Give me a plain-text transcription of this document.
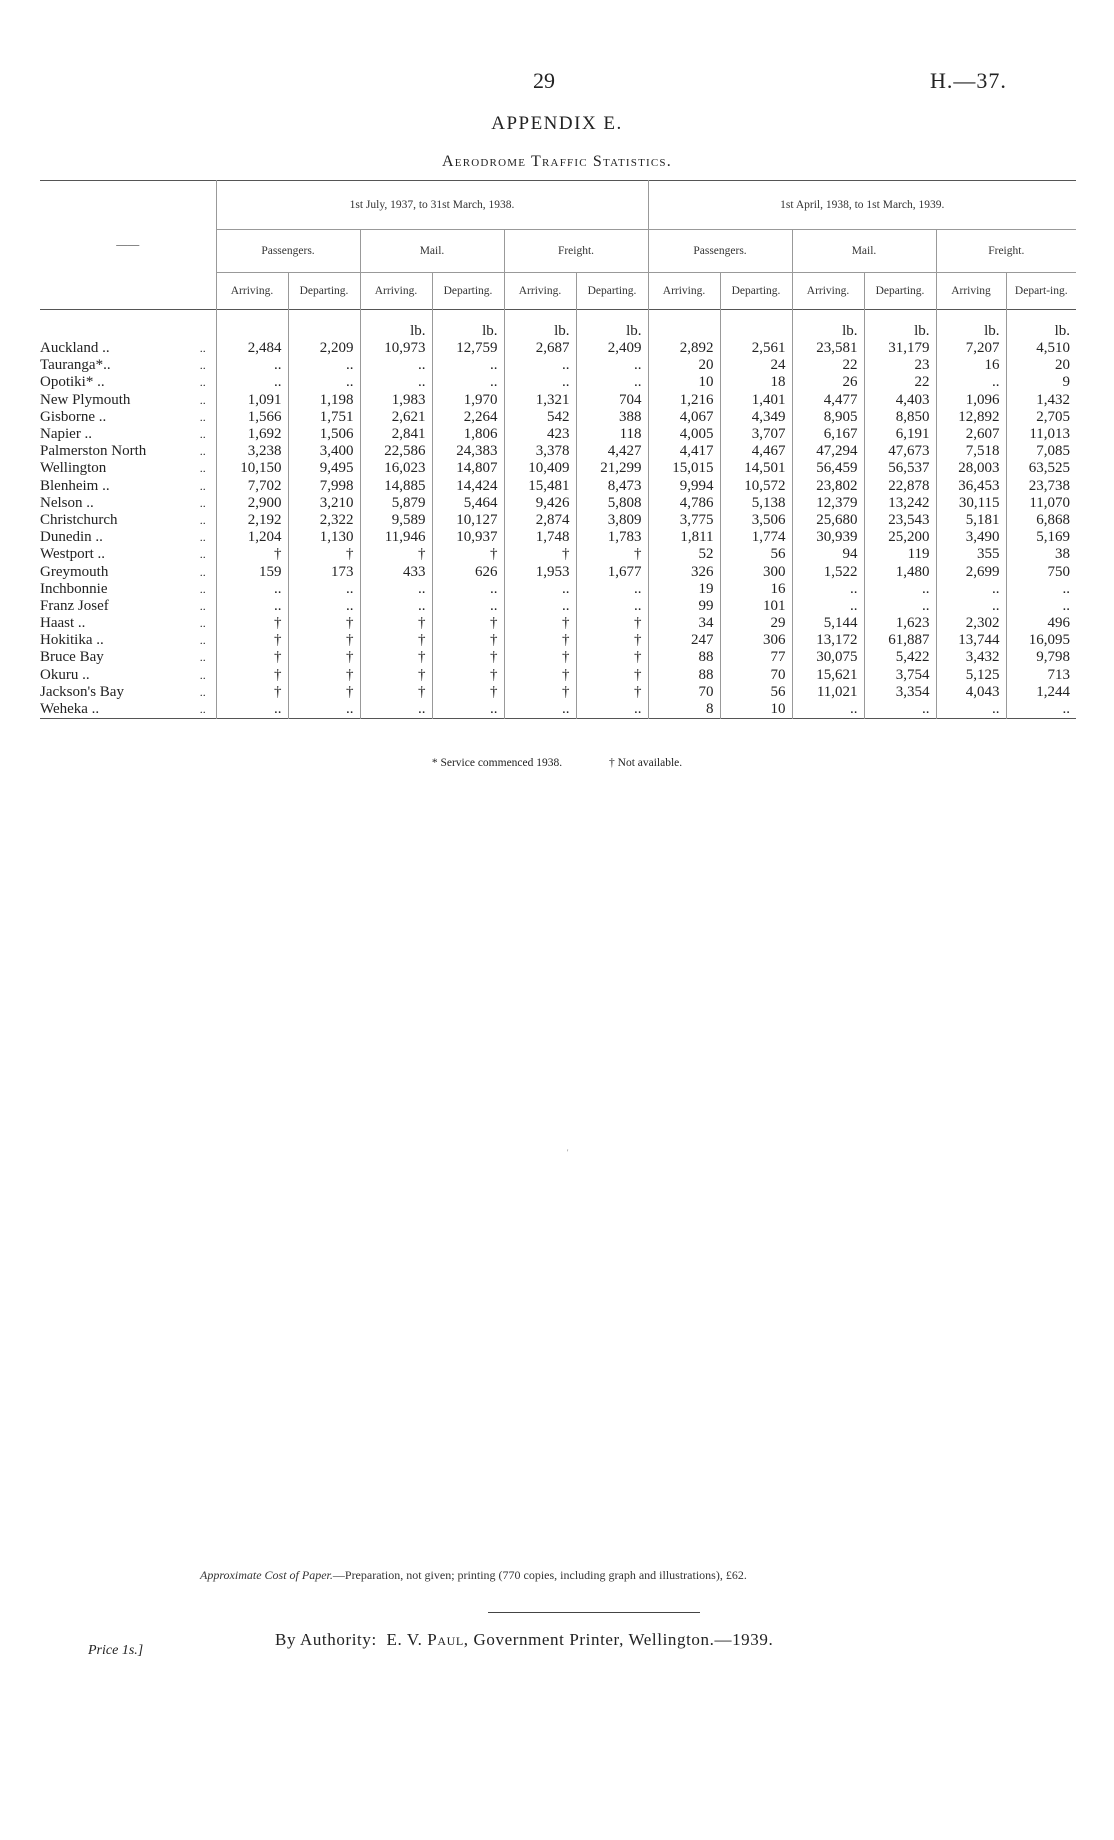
29	H.—37.
APPENDIX E.
Aerodrome Traffic Statistics.
——		1st July, 1937, to 31st March, 1938.						1st April, 1938, to 1st March, 1939.					
		Passengers.		Mail.		Freight.		Passengers.		Mail.		Freight.	
		Arriving.	Departing.	Arriving.	Departing.	Arriving.	Departing.	Arriving.	Departing.	Arriving.	Departing.	Arriving	Depart-ing.
				lb.	lb.	lb.	lb.			lb.	lb.	lb.	lb.
Auckland ..	..	2,484	2,209	10,973	12,759	2,687	2,409	2,892	2,561	23,581	31,179	7,207	4,510
Tauranga*..	..	..	..	..	..	..	..	20	24	22	23	16	20
Opotiki* ..	..	..	..	..	..	..	..	10	18	26	22	..	9
New Plymouth	..	1,091	1,198	1,983	1,970	1,321	704	1,216	1,401	4,477	4,403	1,096	1,432
Gisborne ..	..	1,566	1,751	2,621	2,264	542	388	4,067	4,349	8,905	8,850	12,892	2,705
Napier ..	..	1,692	1,506	2,841	1,806	423	118	4,005	3,707	6,167	6,191	2,607	11,013
Palmerston North	..	3,238	3,400	22,586	24,383	3,378	4,427	4,417	4,467	47,294	47,673	7,518	7,085
Wellington	..	10,150	9,495	16,023	14,807	10,409	21,299	15,015	14,501	56,459	56,537	28,003	63,525
Blenheim ..	..	7,702	7,998	14,885	14,424	15,481	8,473	9,994	10,572	23,802	22,878	36,453	23,738
Nelson ..	..	2,900	3,210	5,879	5,464	9,426	5,808	4,786	5,138	12,379	13,242	30,115	11,070
Christchurch	..	2,192	2,322	9,589	10,127	2,874	3,809	3,775	3,506	25,680	23,543	5,181	6,868
Dunedin ..	..	1,204	1,130	11,946	10,937	1,748	1,783	1,811	1,774	30,939	25,200	3,490	5,169
Westport ..	..	†	†	†	†	†	†	52	56	94	119	355	38
Greymouth	..	159	173	433	626	1,953	1,677	326	300	1,522	1,480	2,699	750
Inchbonnie	..	..	..	..	..	..	..	19	16	..	..	..	..
Franz Josef	..	..	..	..	..	..	..	99	101	..	..	..	..
Haast ..	..	†	†	†	†	†	†	34	29	5,144	1,623	2,302	496
Hokitika ..	..	†	†	†	†	†	†	247	306	13,172	61,887	13,744	16,095
Bruce Bay	..	†	†	†	†	†	†	88	77	30,075	5,422	3,432	9,798
Okuru ..	..	†	†	†	†	†	†	88	70	15,621	3,754	5,125	713
Jackson's Bay	..	†	†	†	†	†	†	70	56	11,021	3,354	4,043	1,244
Weheka ..	..	..	..	..	..	..	..	8	10	..	..	..	..
* Service commenced 1938.	† Not available.
'
Approximate Cost of Paper.—Preparation, not given; printing (770 copies, including graph and illustrations), £62.
Price 1s.]
By Authority: E. V. Paul, Government Printer, Wellington.—1939.
